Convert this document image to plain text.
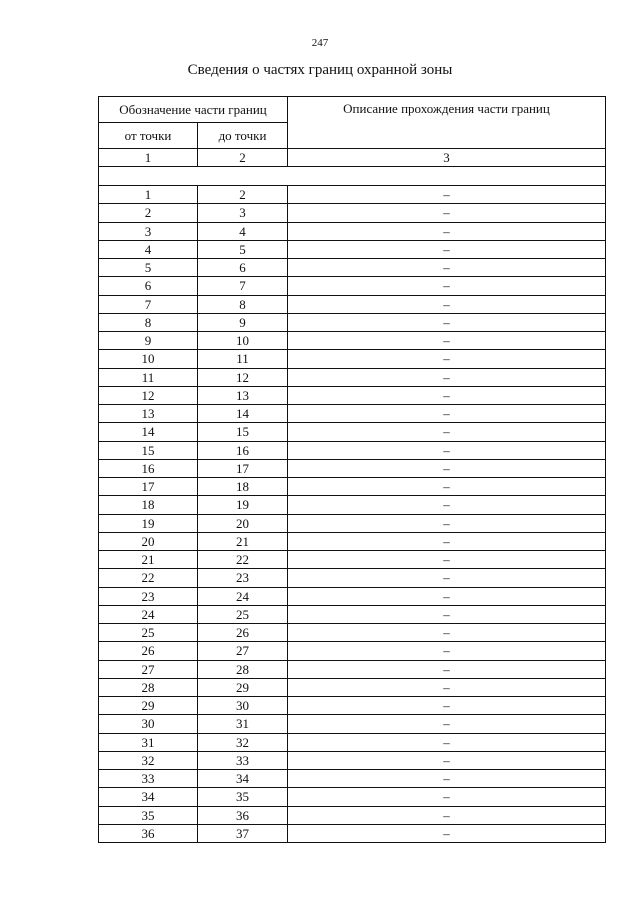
247
Сведения о частях границ охранной зоны
Обозначение части границ		Описание прохождения части границ
от точки	до точки	
1	2	3

1	2	–
2	3	–
3	4	–
4	5	–
5	6	–
6	7	–
7	8	–
8	9	–
9	10	–
10	11	–
11	12	–
12	13	–
13	14	–
14	15	–
15	16	–
16	17	–
17	18	–
18	19	–
19	20	–
20	21	–
21	22	–
22	23	–
23	24	–
24	25	–
25	26	–
26	27	–
27	28	–
28	29	–
29	30	–
30	31	–
31	32	–
32	33	–
33	34	–
34	35	–
35	36	–
36	37	–
